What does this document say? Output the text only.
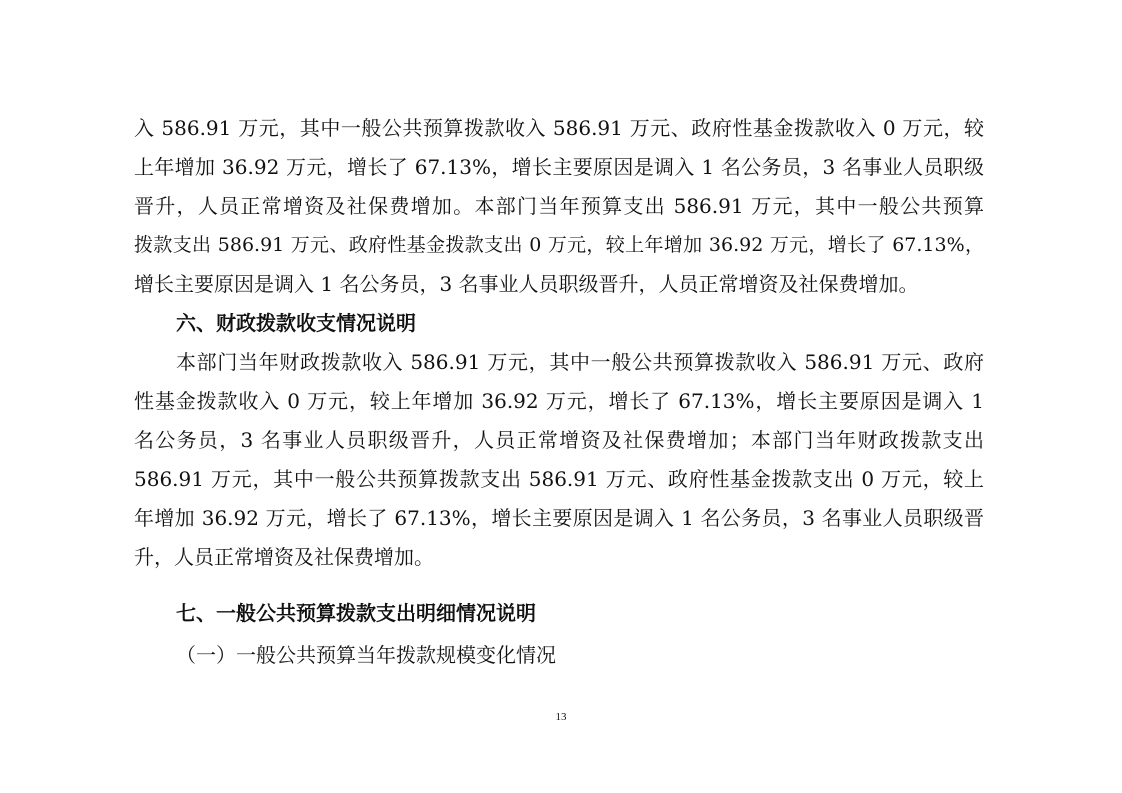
入 586.91 万元，其中一般公共预算拨款收入 586.91 万元、政府性基金拨款收入 0 万元，较
上年增加 36.92 万元，增长了 67.13%，增长主要原因是调入 1 名公务员，3 名事业人员职级
晋升，人员正常增资及社保费增加。本部门当年预算支出 586.91 万元，其中一般公共预算
拨款支出 586.91 万元、政府性基金拨款支出 0 万元，较上年增加 36.92 万元，增长了 67.13%，
增长主要原因是调入 1 名公务员，3 名事业人员职级晋升，人员正常增资及社保费增加。
六、财政拨款收支情况说明
本部门当年财政拨款收入 586.91 万元，其中一般公共预算拨款收入 586.91 万元、政府
性基金拨款收入 0 万元，较上年增加 36.92 万元，增长了 67.13%，增长主要原因是调入 1
名公务员，3 名事业人员职级晋升，人员正常增资及社保费增加；本部门当年财政拨款支出
586.91 万元，其中一般公共预算拨款支出 586.91 万元、政府性基金拨款支出 0 万元，较上
年增加 36.92 万元，增长了 67.13%，增长主要原因是调入 1 名公务员，3 名事业人员职级晋
升，人员正常增资及社保费增加。
七、一般公共预算拨款支出明细情况说明
（一）一般公共预算当年拨款规模变化情况
13
